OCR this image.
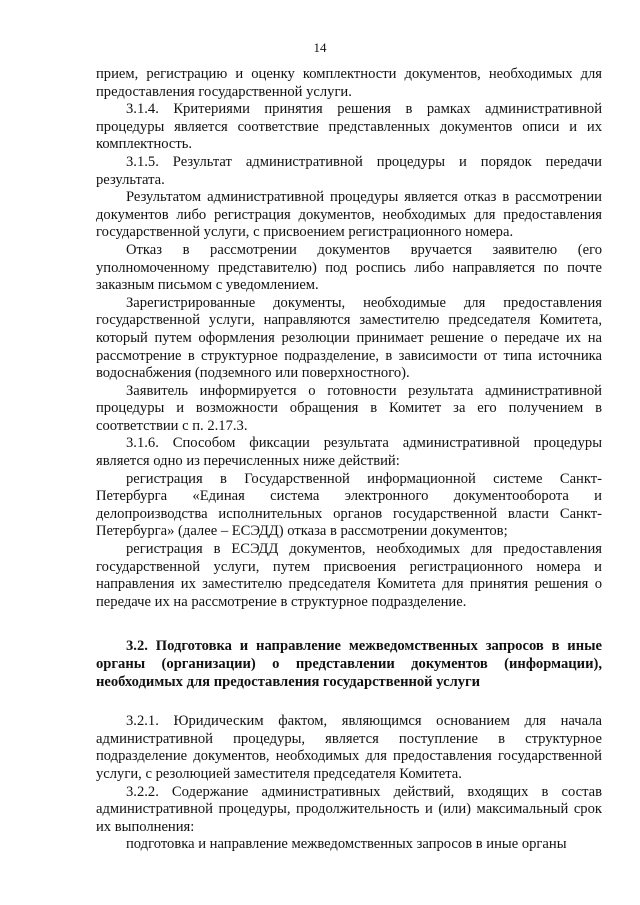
14

прием, регистрацию и оценку комплектности документов, необходимых для предоставления государственной услуги.

3.1.4. Критериями принятия решения в рамках административной процедуры является соответствие представленных документов описи и их комплектность.

3.1.5. Результат административной процедуры и порядок передачи результата.

Результатом административной процедуры является отказ в рассмотрении документов либо регистрация документов, необходимых для предоставления государственной услуги, с присвоением регистрационного номера.

Отказ в рассмотрении документов вручается заявителю (его уполномоченному представителю) под роспись либо направляется по почте заказным письмом с уведомлением.

Зарегистрированные документы, необходимые для предоставления государственной услуги, направляются заместителю председателя Комитета, который путем оформления резолюции принимает решение о передаче их на рассмотрение в структурное подразделение, в зависимости от типа источника водоснабжения (подземного или поверхностного).

Заявитель информируется о готовности результата административной процедуры и возможности обращения в Комитет за его получением в соответствии с п. 2.17.3.

3.1.6. Способом фиксации результата административной процедуры является одно из перечисленных ниже действий:

регистрация в Государственной информационной системе Санкт-Петербурга «Единая система электронного документооборота и делопроизводства исполнительных органов государственной власти Санкт-Петербурга» (далее – ЕСЭДД) отказа в рассмотрении документов;

регистрация в ЕСЭДД документов, необходимых для предоставления государственной услуги, путем присвоения регистрационного номера и направления их заместителю председателя Комитета для принятия решения о передаче их на рассмотрение в структурное подразделение.

3.2. Подготовка и направление межведомственных запросов в иные органы (организации) о представлении документов (информации), необходимых для предоставления государственной услуги

3.2.1. Юридическим фактом, являющимся основанием для начала административной процедуры, является поступление в структурное подразделение документов, необходимых для предоставления государственной услуги, с резолюцией заместителя председателя Комитета.

3.2.2. Содержание административных действий, входящих в состав административной процедуры, продолжительность и (или) максимальный срок их выполнения:

подготовка и направление межведомственных запросов в иные органы
